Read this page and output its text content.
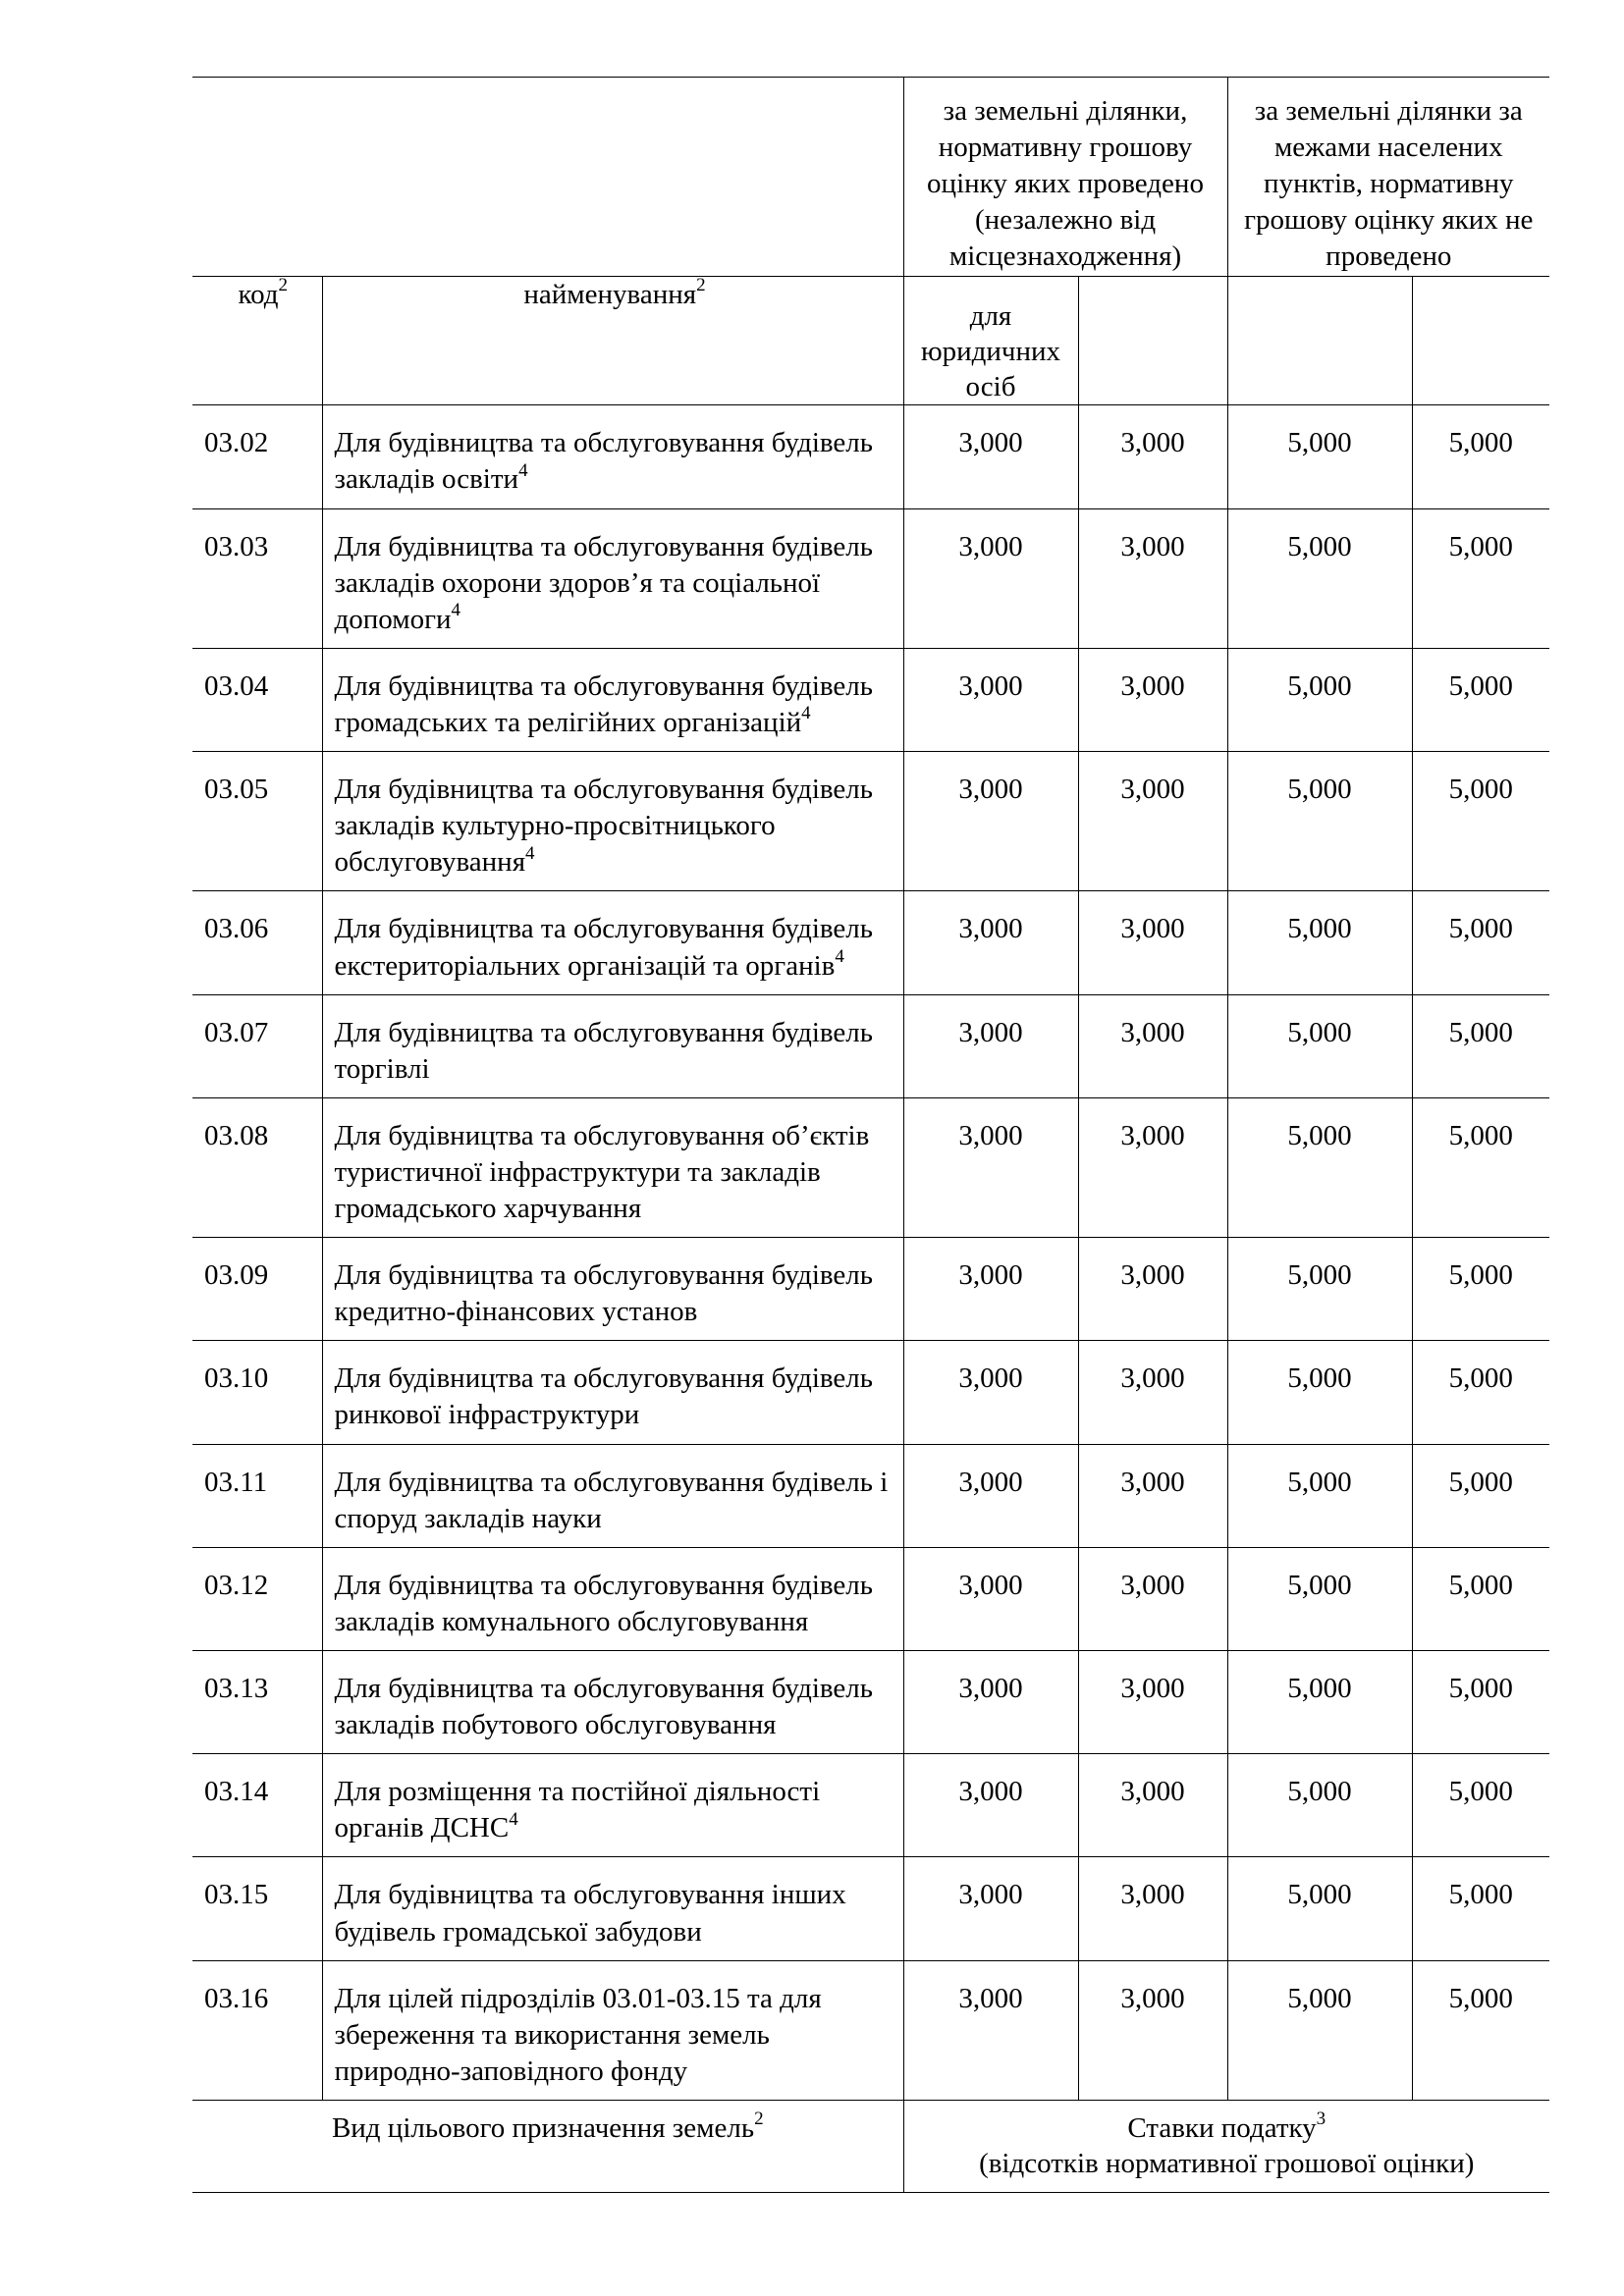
		за земельні ділянки, нормативну грошову оцінку яких проведено (незалежно від місцезнаходження)		за земельні ділянки за межами населених пунктів, нормативну грошову оцінку яких не проведено	
код$^2$	найменування$^2$	для юридичних осіб			
03.02	Для будівництва та обслуговування будівель закладів освіти$^4$	3,000	3,000	5,000	5,000
03.03	Для будівництва та обслуговування будівель закладів охорони здоров’я та соціальної допомоги$^4$	3,000	3,000	5,000	5,000
03.04	Для будівництва та обслуговування будівель громадських та релігійних організацій$^4$	3,000	3,000	5,000	5,000
03.05	Для будівництва та обслуговування будівель закладів культурно-просвітницького обслуговування$^4$	3,000	3,000	5,000	5,000
03.06	Для будівництва та обслуговування будівель екстериторіальних організацій та органів$^4$	3,000	3,000	5,000	5,000
03.07	Для будівництва та обслуговування будівель торгівлі	3,000	3,000	5,000	5,000
03.08	Для будівництва та обслуговування об’єктів туристичної інфраструктури та закладів громадського харчування	3,000	3,000	5,000	5,000
03.09	Для будівництва та обслуговування будівель кредитно-фінансових установ	3,000	3,000	5,000	5,000
03.10	Для будівництва та обслуговування будівель ринкової інфраструктури	3,000	3,000	5,000	5,000
03.11	Для будівництва та обслуговування будівель і споруд закладів науки	3,000	3,000	5,000	5,000
03.12	Для будівництва та обслуговування будівель закладів комунального обслуговування	3,000	3,000	5,000	5,000
03.13	Для будівництва та обслуговування будівель закладів побутового обслуговування	3,000	3,000	5,000	5,000
03.14	Для розміщення та постійної діяльності органів ДСНС$^4$	3,000	3,000	5,000	5,000
03.15	Для будівництва та обслуговування інших будівель громадської забудови	3,000	3,000	5,000	5,000
03.16	Для цілей підрозділів 03.01-03.15 та для збереження та використання земель природно-заповідного фонду	3,000	3,000	5,000	5,000
Вид цільового призначення земель$^2$		Ставки податку$^3$
(відсотків нормативної грошової оцінки)			
